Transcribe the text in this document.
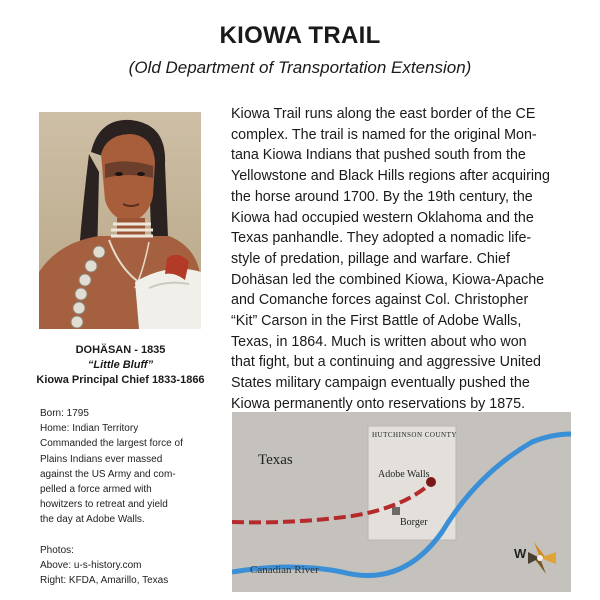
KIOWA TRAIL
(Old Department of Transportation Extension)
DOHÄSAN - 1835
“Little Bluff”
Kiowa Principal Chief 1833-1866
Born: 1795
Home: Indian Territory
Commanded the largest force of
Plains Indians ever massed
against the US Army and com-
pelled a force armed with
howitzers to retreat and yield
the day at Adobe Walls.
Photos:
Above: u-s-history.com
Right: KFDA, Amarillo, Texas
Kiowa Trail runs along the east border of the CE
complex. The trail is named for the original Mon-
tana Kiowa Indians that pushed south from the
Yellowstone and Black Hills regions after acquiring
the horse around 1700. By the 19th century, the
Kiowa had occupied western Oklahoma and the
Texas panhandle. They adopted a nomadic life-
style of predation, pillage and warfare. Chief
Dohäsan led the combined Kiowa, Kiowa-Apache
and Comanche forces against Col. Christopher
“Kit” Carson in the First Battle of Adobe Walls,
Texas, in 1864. Much is written about who won
that fight, but a continuing and aggressive United
States military campaign eventually pushed the
Kiowa permanently onto reservations by 1875.
Texas
HUTCHINSON COUNTY
Adobe Walls
Borger
Canadian River
W
